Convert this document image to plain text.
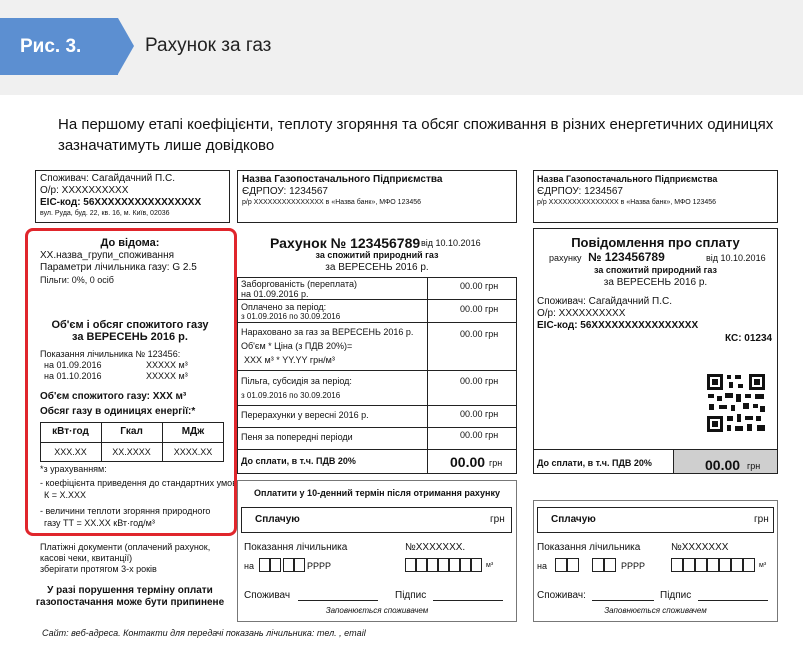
Рис. 3.	Рахунок за газ
На першому етапі коефіцієнти, теплоту згоряння та обсяг споживання в різних енергетичних одиницях зазначатимуть лише довідково
Споживач: Сагайдачний П.С.
О/р: ХХХХХХХХХХ
ЕІС-код: 56ХХХХХХХХХХХХХХХХ
вул. Руда, буд. 22, кв. 16, м. Київ, 02036
До відома:
ХХ.назва_групи_споживання
Параметри лічильника газу: G 2.5
Пільги: 0%, 0 осіб
Об'єм і обсяг спожитого газу
за ВЕРЕСЕНЬ 2016 р.
Показання лічильника № 123456:
на 01.09.2016	ХХХХХ м³
на 01.10.2016	ХХХХХ м³
Об'єм спожитого газу: ХХХ м³
Обсяг газу в одиницях енергії:*
кВт·год	Гкал	МДж
ХХХ.ХХ	ХХ.ХХХХ	ХХХХ.ХХ
*з урахуванням:
- коефіцієнта приведення до стандартних умов
К = Х.ХХХ
- величини теплоти згоряння природного
газу ТТ = ХХ.ХХ кВт·год/м³
Платіжні документи (оплачений рахунок,
касові чеки, квитанції)
зберігати протягом 3-х років
У разі порушення терміну оплати
газопостачання може бути припинене
Назва Газопостачального Підприємства
ЄДРПОУ: 1234567
р/р ХХХХХХХХХХХХХХХ в «Назва банк», МФО 123456
Рахунок № 123456789 від 10.10.2016
за спожитий природний газ
за ВЕРЕСЕНЬ 2016 р.
Заборгованість (переплата)
на 01.09.2016 р.
00.00 грн
Оплачено за період:
з 01.09.2016 по 30.09.2016
00.00 грн
Нараховано за газ за ВЕРЕСЕНЬ 2016 р.
Об'єм * Ціна (з ПДВ 20%)=
ХХХ м³ * YY.YY грн/м³
00.00 грн
Пільга, субсидія за період:
з 01.09.2016 по 30.09.2016
00.00 грн
Перерахунки у вересні 2016 р.	00.00 грн
Пеня за попередні періоди	00.00 грн
До сплати, в т.ч. ПДВ 20%	00.00 грн
Оплатити у 10-денний термін після отримання рахунку
Сплачую	грн
Показання лічильника	№ХХХХХХХ.
на	РРРР	м³
Споживач	Підпис
Заповнюється споживачем
Назва Газопостачального Підприємства
ЄДРПОУ: 1234567
р/р ХХХХХХХХХХХХХХХ в «Назва банк», МФО 123456
Повідомлення про сплату
рахунку № 123456789	від 10.10.2016
за спожитий природний газ
за ВЕРЕСЕНЬ 2016 р.
Споживач: Сагайдачний П.С.
О/р: ХХХХХХХХХХ
ЕІС-код: 56ХХХХХХХХХХХХХХХХ
КС: 01234
До сплати, в т.ч. ПДВ 20%	00.00 грн
Сплачую	грн
Показання лічильника	№ХХХХХХХ
на	РРРР	м³
Споживач:	Підпис
Заповнюється споживачем
Сайт: веб-адреса. Контакти для передачі показань лічильника: тел. , email
